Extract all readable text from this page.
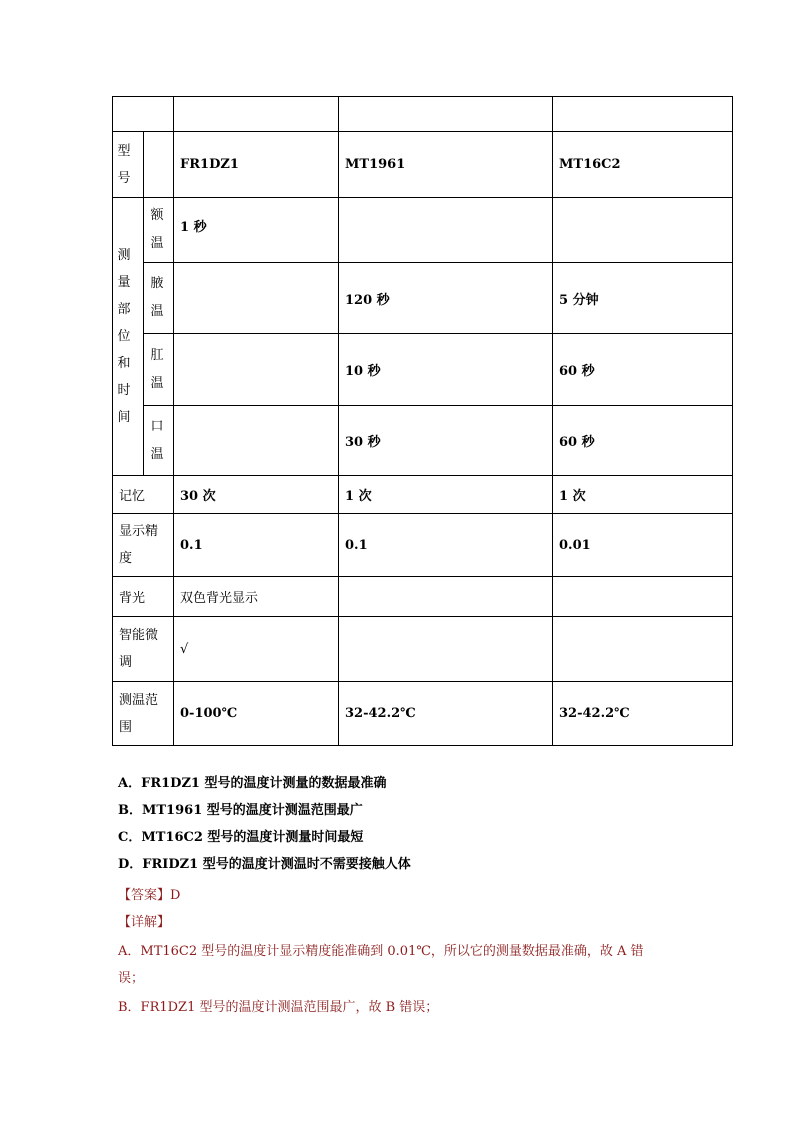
型号		FR1DZ1	MT1961	MT16C2
测量部位和时间	额温	1 秒		
	腋温		120 秒	5 分钟
	肛温		10 秒	60 秒
	口温		30 秒	60 秒
记忆		30 次	1 次	1 次
显示精度		0.1	0.1	0.01
背光		双色背光显示		
智能微调		√		
测温范围		0-100℃	32-42.2℃	32-42.2℃
A．FR1DZ1 型号的温度计测量的数据最准确
B．MT1961 型号的温度计测温范围最广
C．MT16C2 型号的温度计测量时间最短
D．FRIDZ1 型号的温度计测温时不需要接触人体
【答案】D
【详解】
A．MT16C2 型号的温度计显示精度能准确到 0.01℃，所以它的测量数据最准确，故 A 错
误；
B．FR1DZ1 型号的温度计测温范围最广，故 B 错误；
